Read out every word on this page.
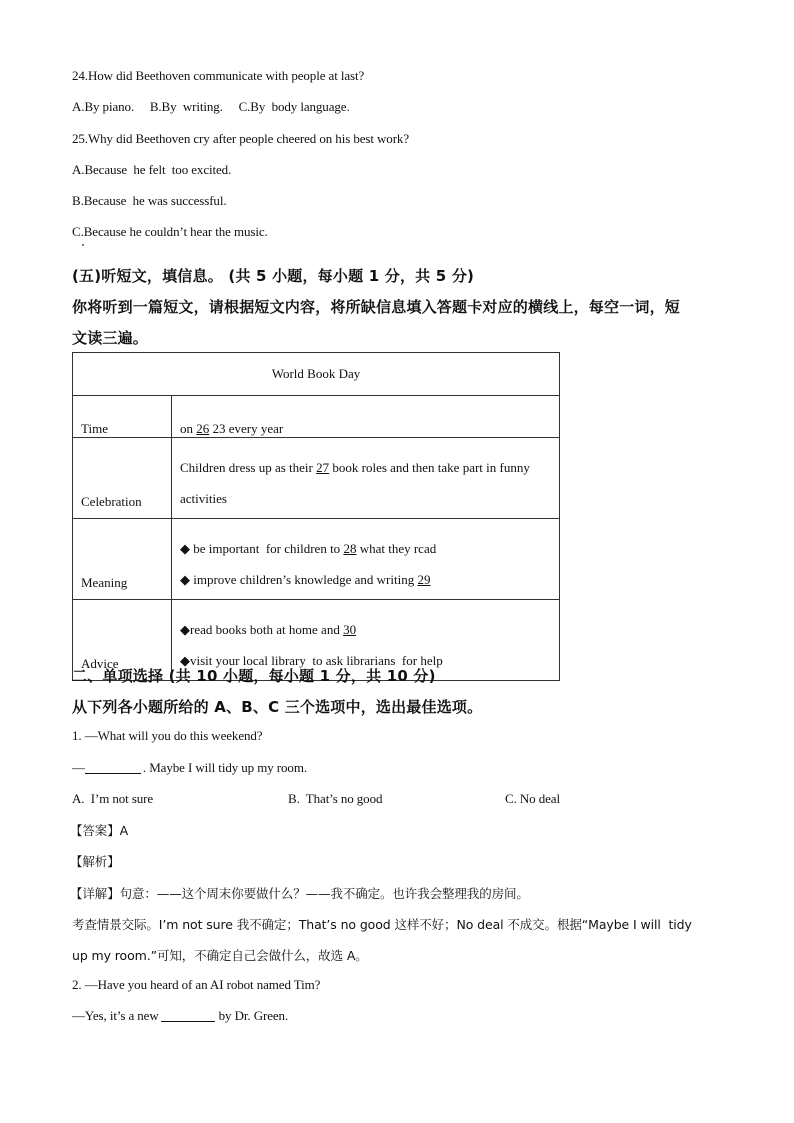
24.How did Beethoven communicate with people at last?
A.By piano.     B.By  writing.     C.By  body language.
25.Why did Beethoven cry after people cheered on his best work?
A.Because  he felt  too excited.
B.Because  he was successful.
C.Because he couldn’t hear the music.
(五)听短文，填信息。 (共 5 小题，每小题 1 分，共 5 分)
你将听到一篇短文，请根据短文内容，将所缺信息填入答题卡对应的横线上，每空一词，短
文读三遍。
World Book Day	
Time	on 26 23 every year
Celebration	Children dress up as their 27 book roles and then take part in funny
activities

Meaning	◆ be important  for children to 28 what they rcad
◆ improve children’s knowledge and writing 29

Advice	◆read books both at home and 30
◆visit your local library  to ask librarians  for help
二、单项选择 (共 10 小题，每小题 1 分，共 10 分)
从下列各小题所给的 A、B、C 三个选项中，选出最佳选项。
1. —What will you do this weekend?
—	. Maybe I will tidy up my room.
A.  I’m not sure	B.  That’s no good	C. No deal
【答案】A
【解析】
【详解】句意：——这个周末你要做什么？——我不确定。也许我会整理我的房间。
考查情景交际。I’m not sure 我不确定；That’s no good 这样不好；No deal 不成交。根据“Maybe I will  tidy
up my room.”可知，不确定自己会做什么，故选 A。
2. —Have you heard of an AI robot named Tim?
—Yes, it’s a new	by Dr. Green.
